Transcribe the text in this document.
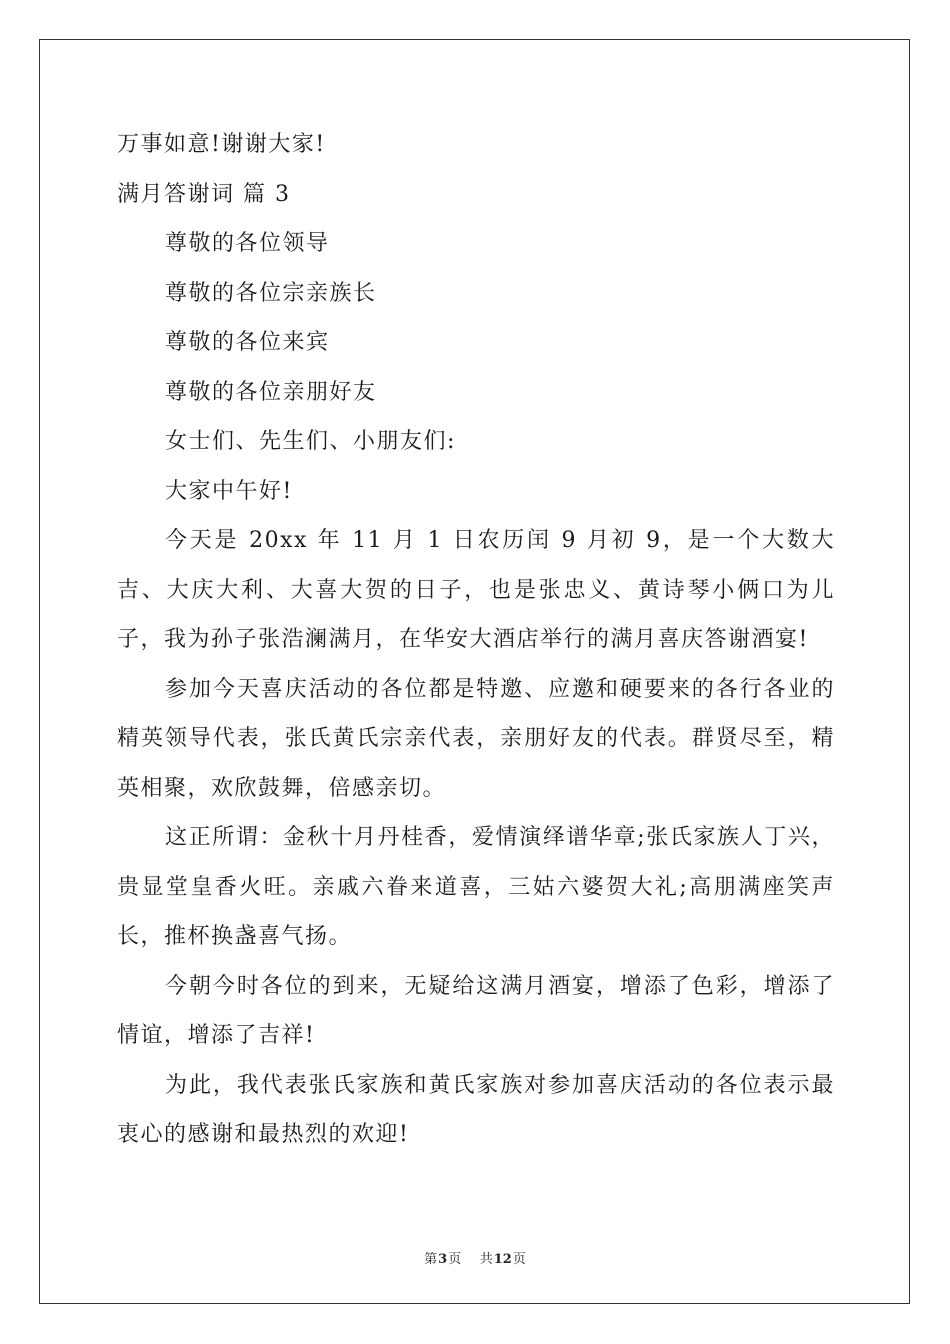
万事如意!谢谢大家!
满月答谢词 篇 3
尊敬的各位领导
尊敬的各位宗亲族长
尊敬的各位来宾
尊敬的各位亲朋好友
女士们、先生们、小朋友们:
大家中午好!

今天是 20xx 年 11 月 1 日农历闰 9 月初 9，是一个大数大吉、大庆大利、大喜大贺的日子，也是张忠义、黄诗琴小俩口为儿子，我为孙子张浩澜满月，在华安大酒店举行的满月喜庆答谢酒宴!

参加今天喜庆活动的各位都是特邀、应邀和硬要来的各行各业的精英领导代表，张氏黄氏宗亲代表，亲朋好友的代表。群贤尽至，精英相聚，欢欣鼓舞，倍感亲切。

这正所谓：金秋十月丹桂香，爱情演绎谱华章;张氏家族人丁兴，贵显堂皇香火旺。亲戚六眷来道喜，三姑六婆贺大礼;高朋满座笑声长，推杯换盏喜气扬。

今朝今时各位的到来，无疑给这满月酒宴，增添了色彩，增添了情谊，增添了吉祥!

为此，我代表张氏家族和黄氏家族对参加喜庆活动的各位表示最衷心的感谢和最热烈的欢迎!

第3页 共12页
